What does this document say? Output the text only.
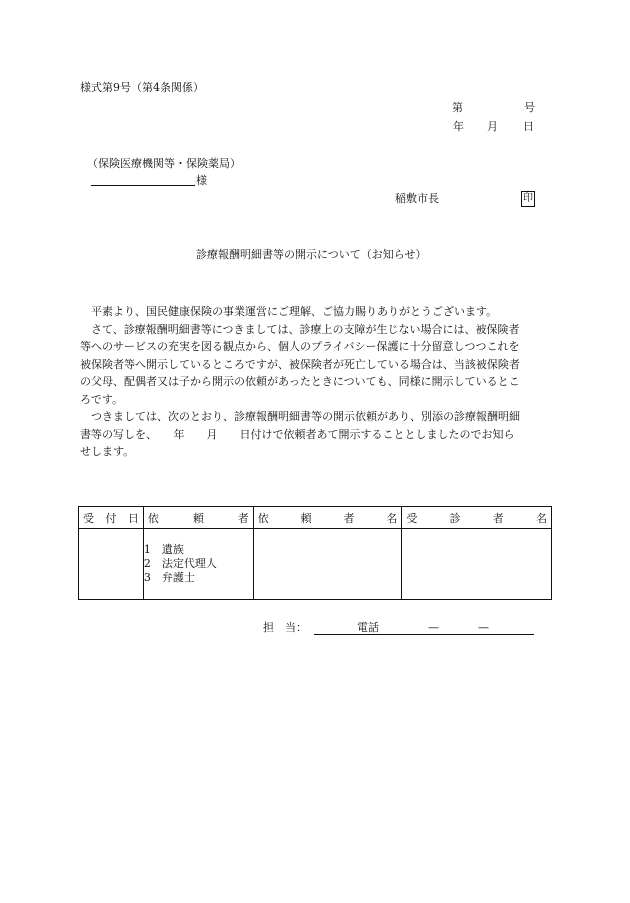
様式第9号（第4条関係）
第	号
年 月 日
（保険医療機関等・保険薬局）
様
稲敷市長	印
診療報酬明細書等の開示について（お知らせ）
　平素より、国民健康保険の事業運営にご理解、ご協力賜りありがとうございます。
　さて、診療報酬明細書等につきましては、診療上の支障が生じない場合には、被保険者
等へのサービスの充実を図る観点から、個人のプライバシー保護に十分留意しつつこれを
被保険者等へ開示しているところですが、被保険者が死亡している場合は、当該被保険者
の父母、配偶者又は子から開示の依頼があったときについても、同様に開示しているとこ
ろです。
　つきましては、次のとおり、診療報酬明細書等の開示依頼があり、別添の診療報酬明細
書等の写しを、　　年　　月　　日付けで依頼者あて開示することとしましたのでお知ら
せします。
受 付 日	依 頼 者	依 頼 者 名	受 診 者 名

	1　遺族
2　法定代理人
3　弁護士		

担　当：	電話	—	—
